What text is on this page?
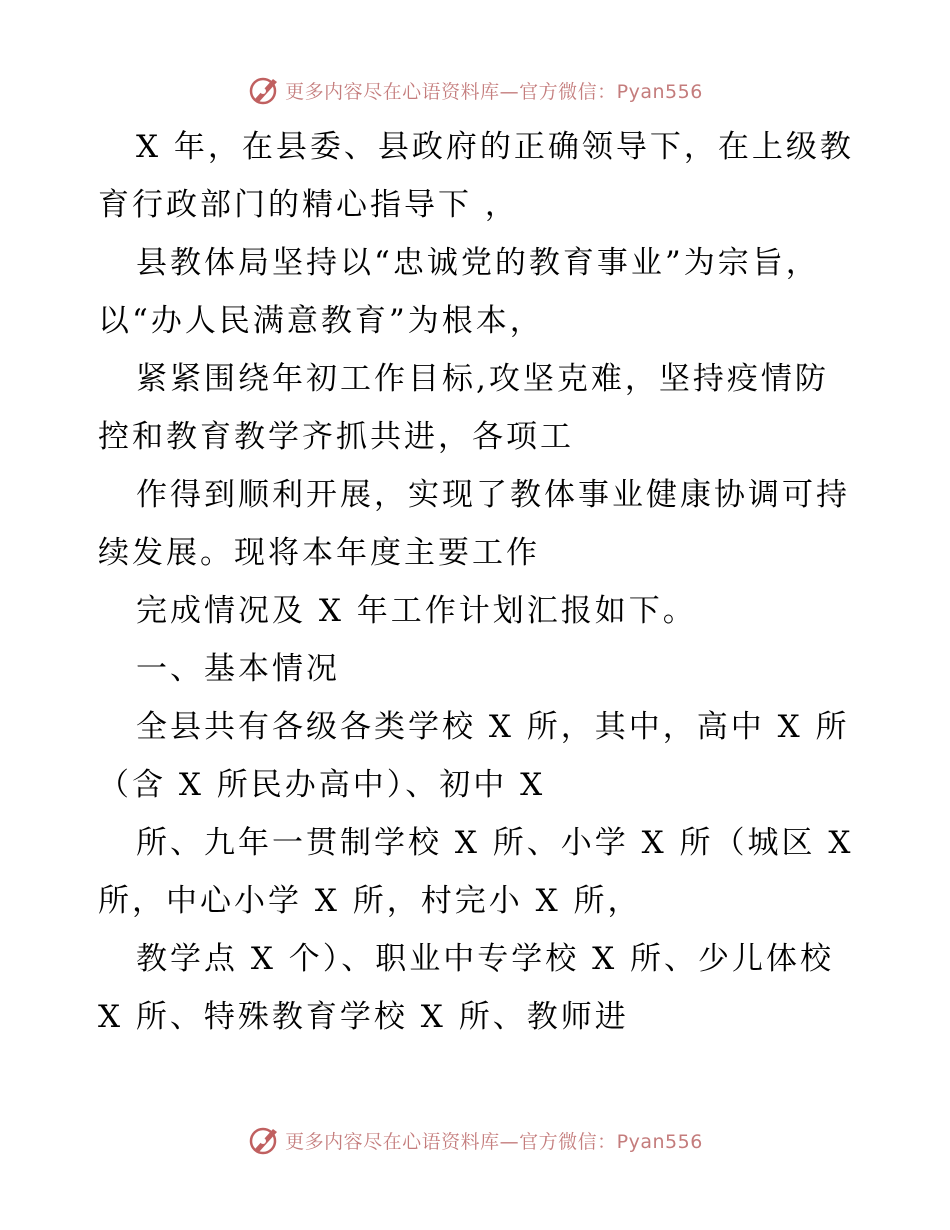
更多内容尽在心语资料库—官方微信：Pyan556
X 年，在县委、县政府的正确领导下，在上级教
育行政部门的精心指导下 ，
县教体局坚持以“忠诚党的教育事业”为宗旨，
以“办人民满意教育”为根本，
紧紧围绕年初工作目标,攻坚克难，坚持疫情防
控和教育教学齐抓共进，各项工
作得到顺利开展，实现了教体事业健康协调可持
续发展。现将本年度主要工作
完成情况及 X 年工作计划汇报如下。
一、基本情况
全县共有各级各类学校 X 所，其中，高中 X 所
（含 X 所民办高中）、初中 X
所、九年一贯制学校 X 所、小学 X 所（城区 X
所，中心小学 X 所，村完小 X 所，
教学点 X 个）、职业中专学校 X 所、少儿体校
X 所、特殊教育学校 X 所、教师进
更多内容尽在心语资料库—官方微信：Pyan556
